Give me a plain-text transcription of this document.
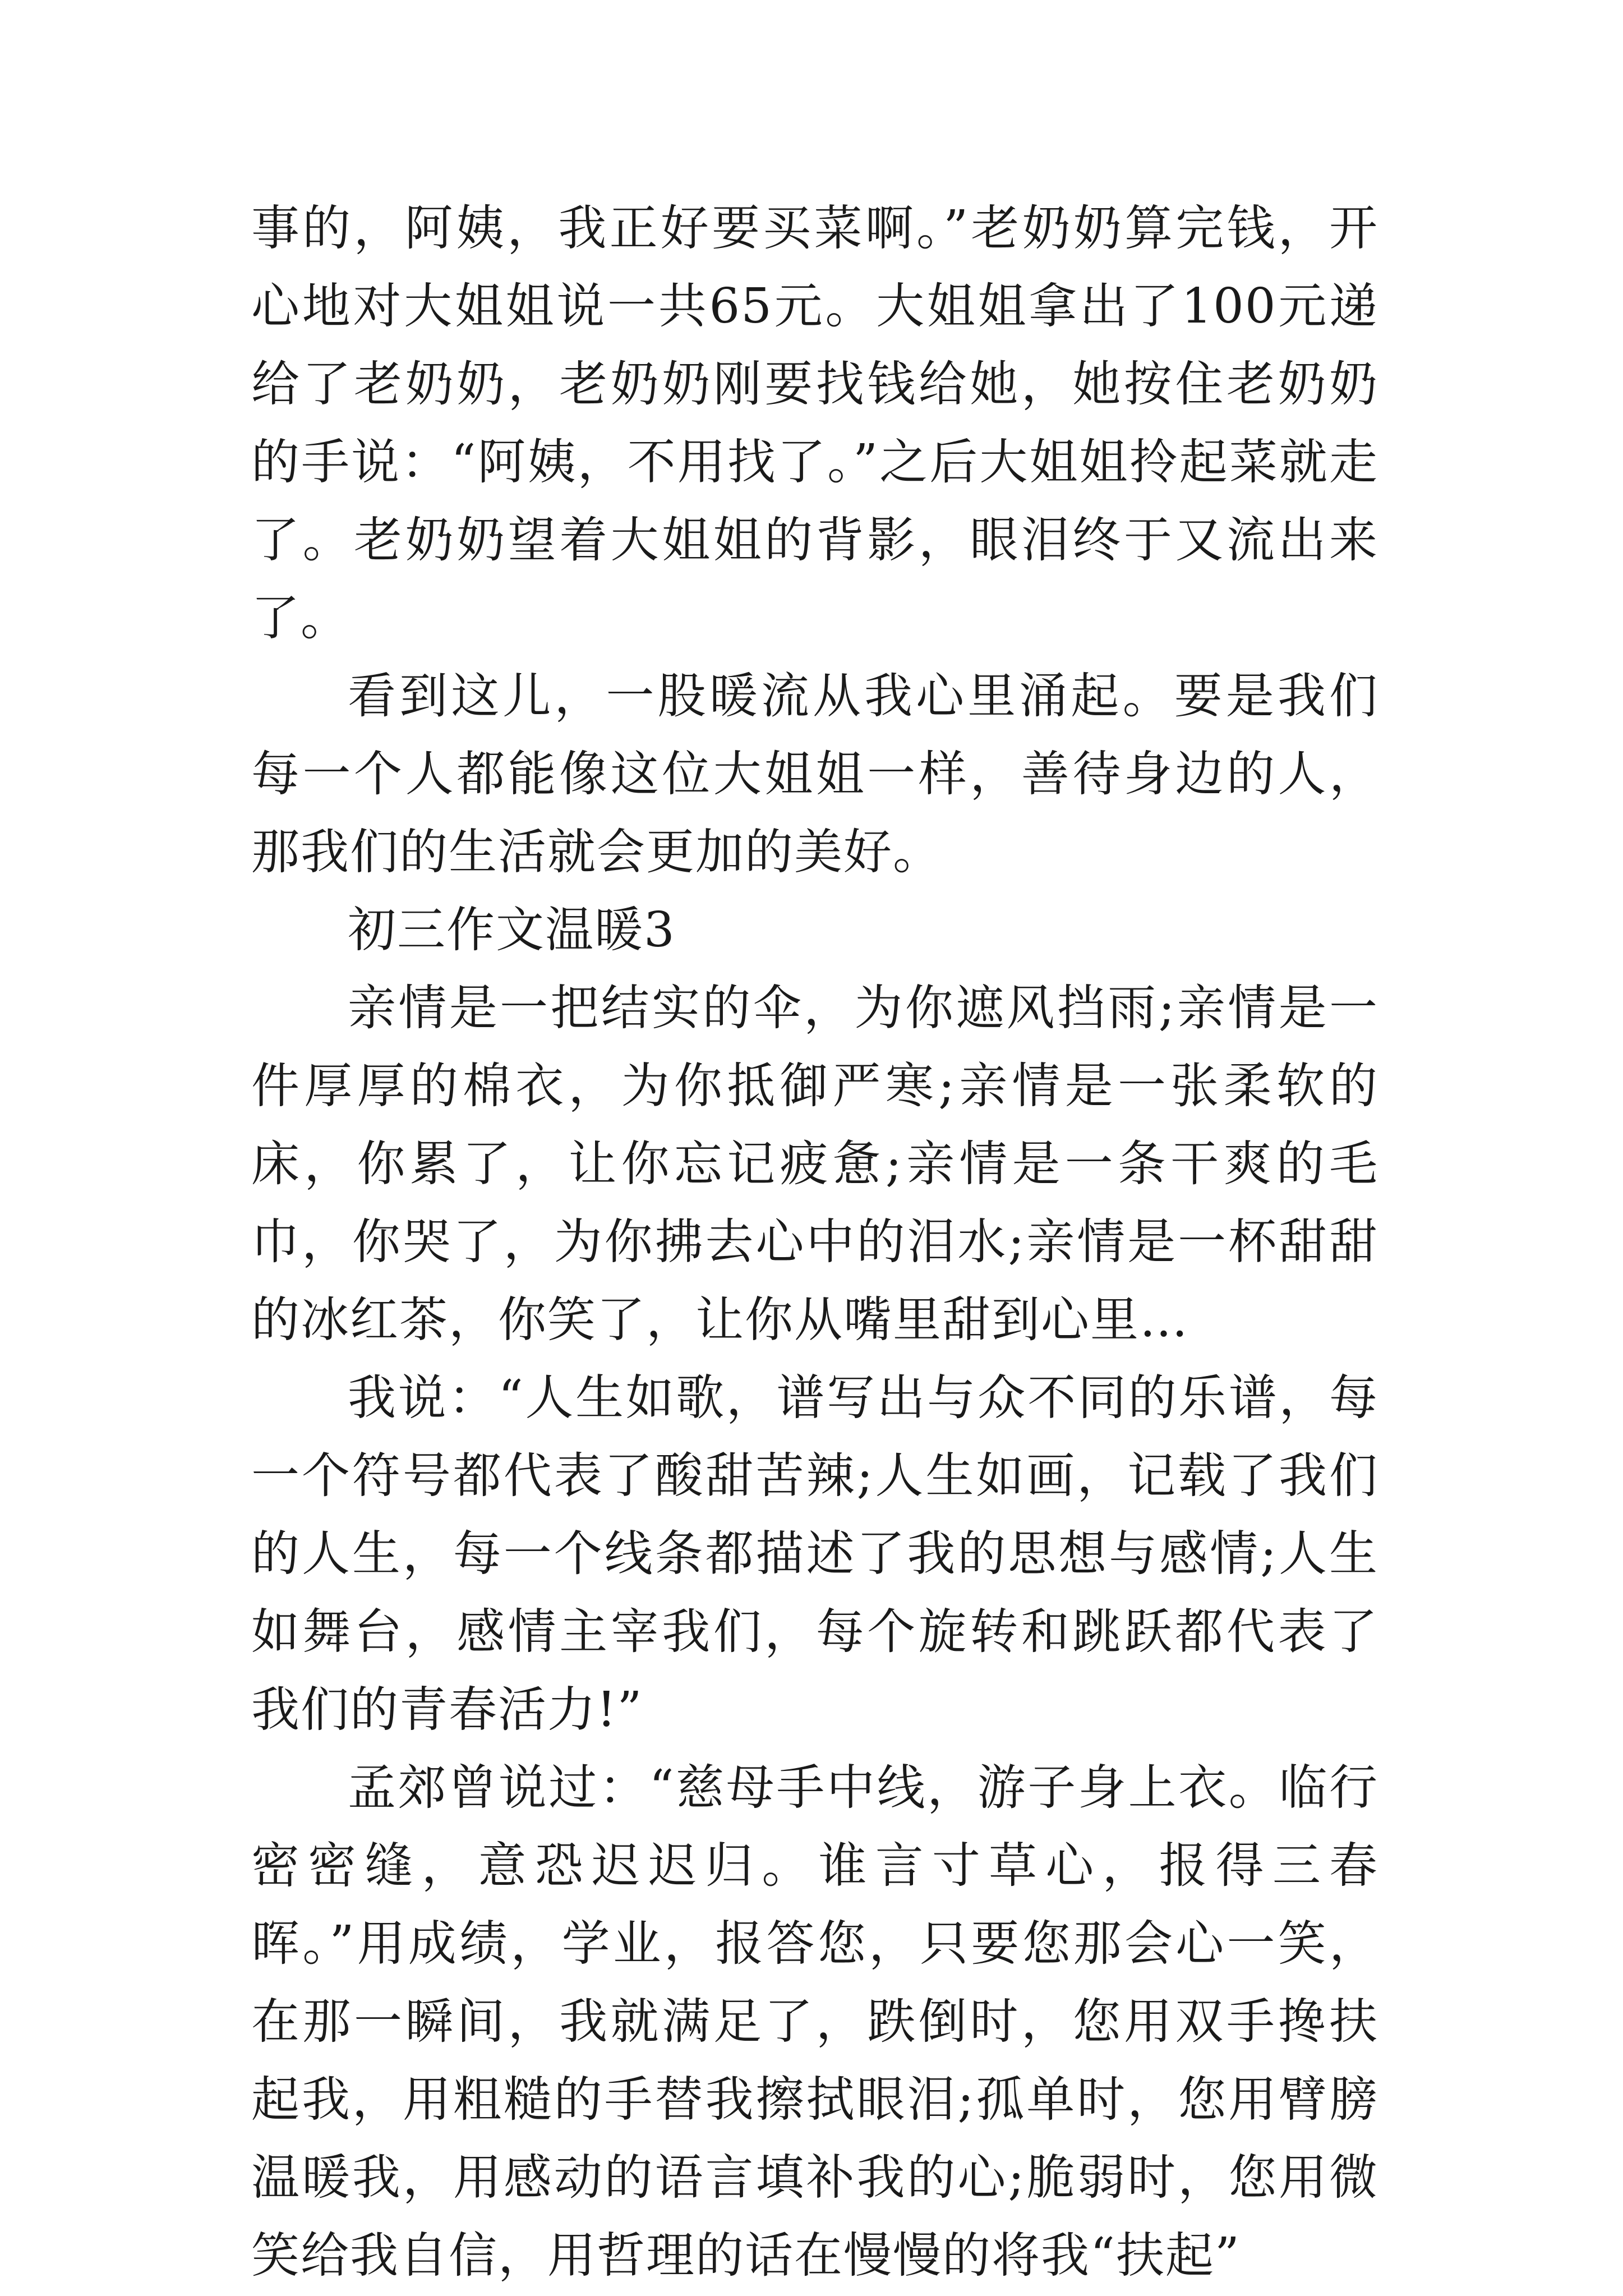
事的，阿姨，我正好要买菜啊。”老奶奶算完钱，开心地对大姐姐说一共65元。大姐姐拿出了100元递给了老奶奶，老奶奶刚要找钱给她，她按住老奶奶的手说：“阿姨，不用找了。”之后大姐姐拎起菜就走了。老奶奶望着大姐姐的背影，眼泪终于又流出来了。

看到这儿，一股暖流从我心里涌起。要是我们每一个人都能像这位大姐姐一样，善待身边的人，那我们的生活就会更加的美好。

初三作文温暖3

亲情是一把结实的伞，为你遮风挡雨;亲情是一件厚厚的棉衣，为你抵御严寒;亲情是一张柔软的床，你累了，让你忘记疲惫;亲情是一条干爽的毛巾，你哭了，为你拂去心中的泪水;亲情是一杯甜甜的冰红茶，你笑了，让你从嘴里甜到心里…

我说：“人生如歌，谱写出与众不同的乐谱，每一个符号都代表了酸甜苦辣;人生如画，记载了我们的人生，每一个线条都描述了我的思想与感情;人生如舞台，感情主宰我们，每个旋转和跳跃都代表了我们的青春活力!”

孟郊曾说过：“慈母手中线，游子身上衣。临行密密缝，意恐迟迟归。谁言寸草心，报得三春晖。”用成绩，学业，报答您，只要您那会心一笑，在那一瞬间，我就满足了，跌倒时，您用双手搀扶起我，用粗糙的手替我擦拭眼泪;孤单时，您用臂膀温暖我，用感动的语言填补我的心;脆弱时，您用微笑给我自信，用哲理的话在慢慢的将我“扶起”
